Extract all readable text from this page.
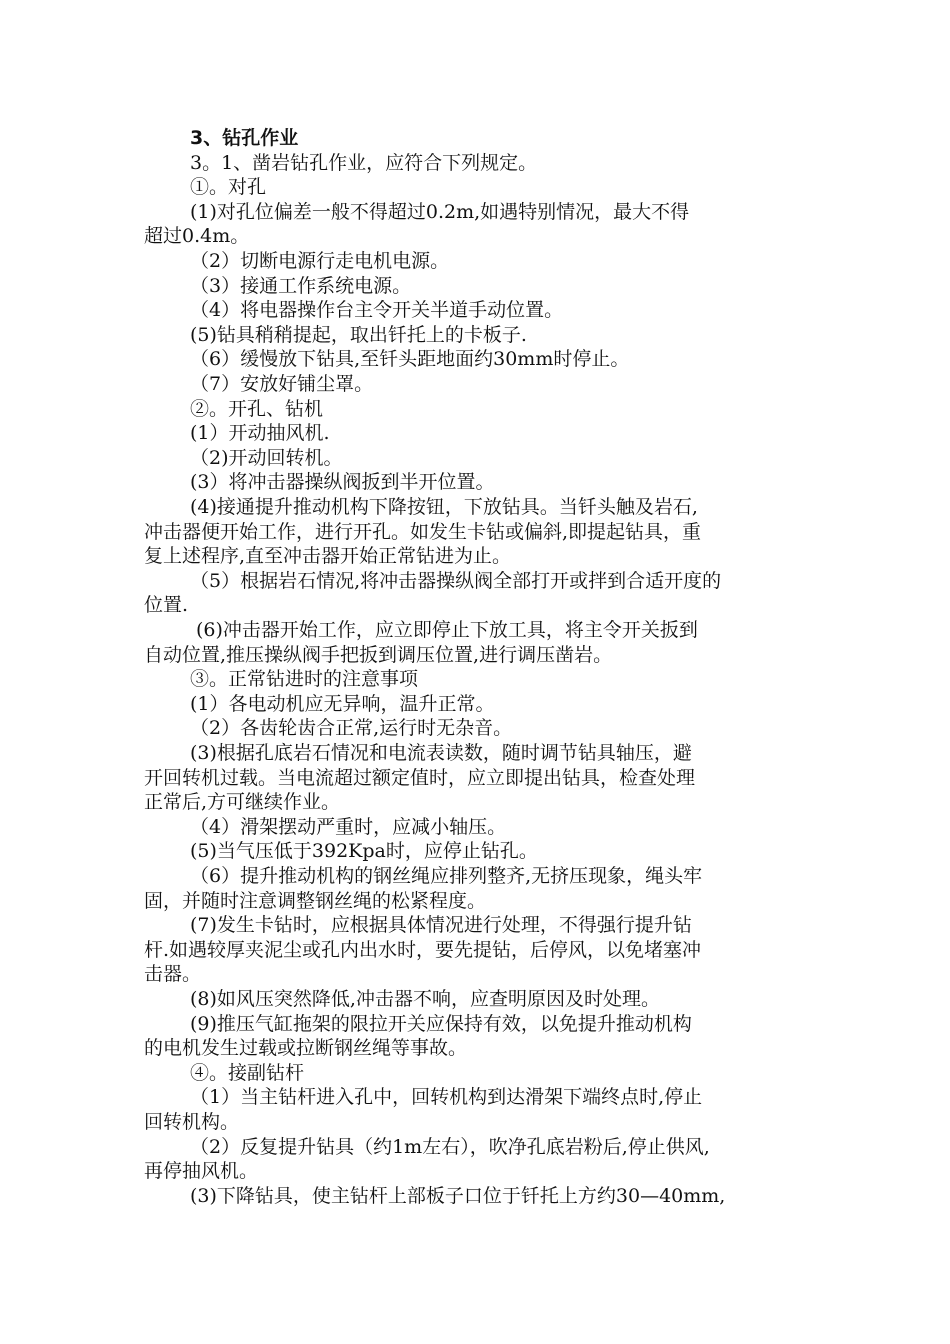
3、钻孔作业
3。1、凿岩钻孔作业，应符合下列规定。
①。对孔
(1)对孔位偏差一般不得超过0.2m,如遇特别情况，最大不得
超过0.4m。
（2）切断电源行走电机电源。
（3）接通工作系统电源。
（4）将电器操作台主令开关半道手动位置。
(5)钻具稍稍提起，取出钎托上的卡板子.
（6）缓慢放下钻具,至钎头距地面约30mm时停止。
（7）安放好铺尘罩。
②。开孔、钻机
(1）开动抽风机.
（2)开动回转机。
(3）将冲击器操纵阀扳到半开位置。
(4)接通提升推动机构下降按钮，下放钻具。当钎头触及岩石,
冲击器便开始工作，进行开孔。如发生卡钻或偏斜,即提起钻具，重
复上述程序,直至冲击器开始正常钻进为止。
（5）根据岩石情况,将冲击器操纵阀全部打开或拌到合适开度的
位置.
(6)冲击器开始工作，应立即停止下放工具，将主令开关扳到
自动位置,推压操纵阀手把扳到调压位置,进行调压凿岩。
③。正常钻进时的注意事项
(1）各电动机应无异响，温升正常。
（2）各齿轮齿合正常,运行时无杂音。
(3)根据孔底岩石情况和电流表读数，随时调节钻具轴压，避
开回转机过载。当电流超过额定值时，应立即提出钻具，检查处理
正常后,方可继续作业。
（4）滑架摆动严重时，应减小轴压。
(5)当气压低于392Kpa时，应停止钻孔。
（6）提升推动机构的钢丝绳应排列整齐,无挤压现象，绳头牢
固，并随时注意调整钢丝绳的松紧程度。
(7)发生卡钻时，应根据具体情况进行处理，不得强行提升钻
杆.如遇较厚夹泥尘或孔内出水时，要先提钻，后停风，以免堵塞冲
击器。
(8)如风压突然降低,冲击器不响，应查明原因及时处理。
(9)推压气缸拖架的限拉开关应保持有效，以免提升推动机构
的电机发生过载或拉断钢丝绳等事故。
④。接副钻杆
（1）当主钻杆进入孔中，回转机构到达滑架下端终点时,停止
回转机构。
（2）反复提升钻具（约1m左右），吹净孔底岩粉后,停止供风,
再停抽风机。
(3)下降钻具，使主钻杆上部板子口位于钎托上方约30—40mm,
